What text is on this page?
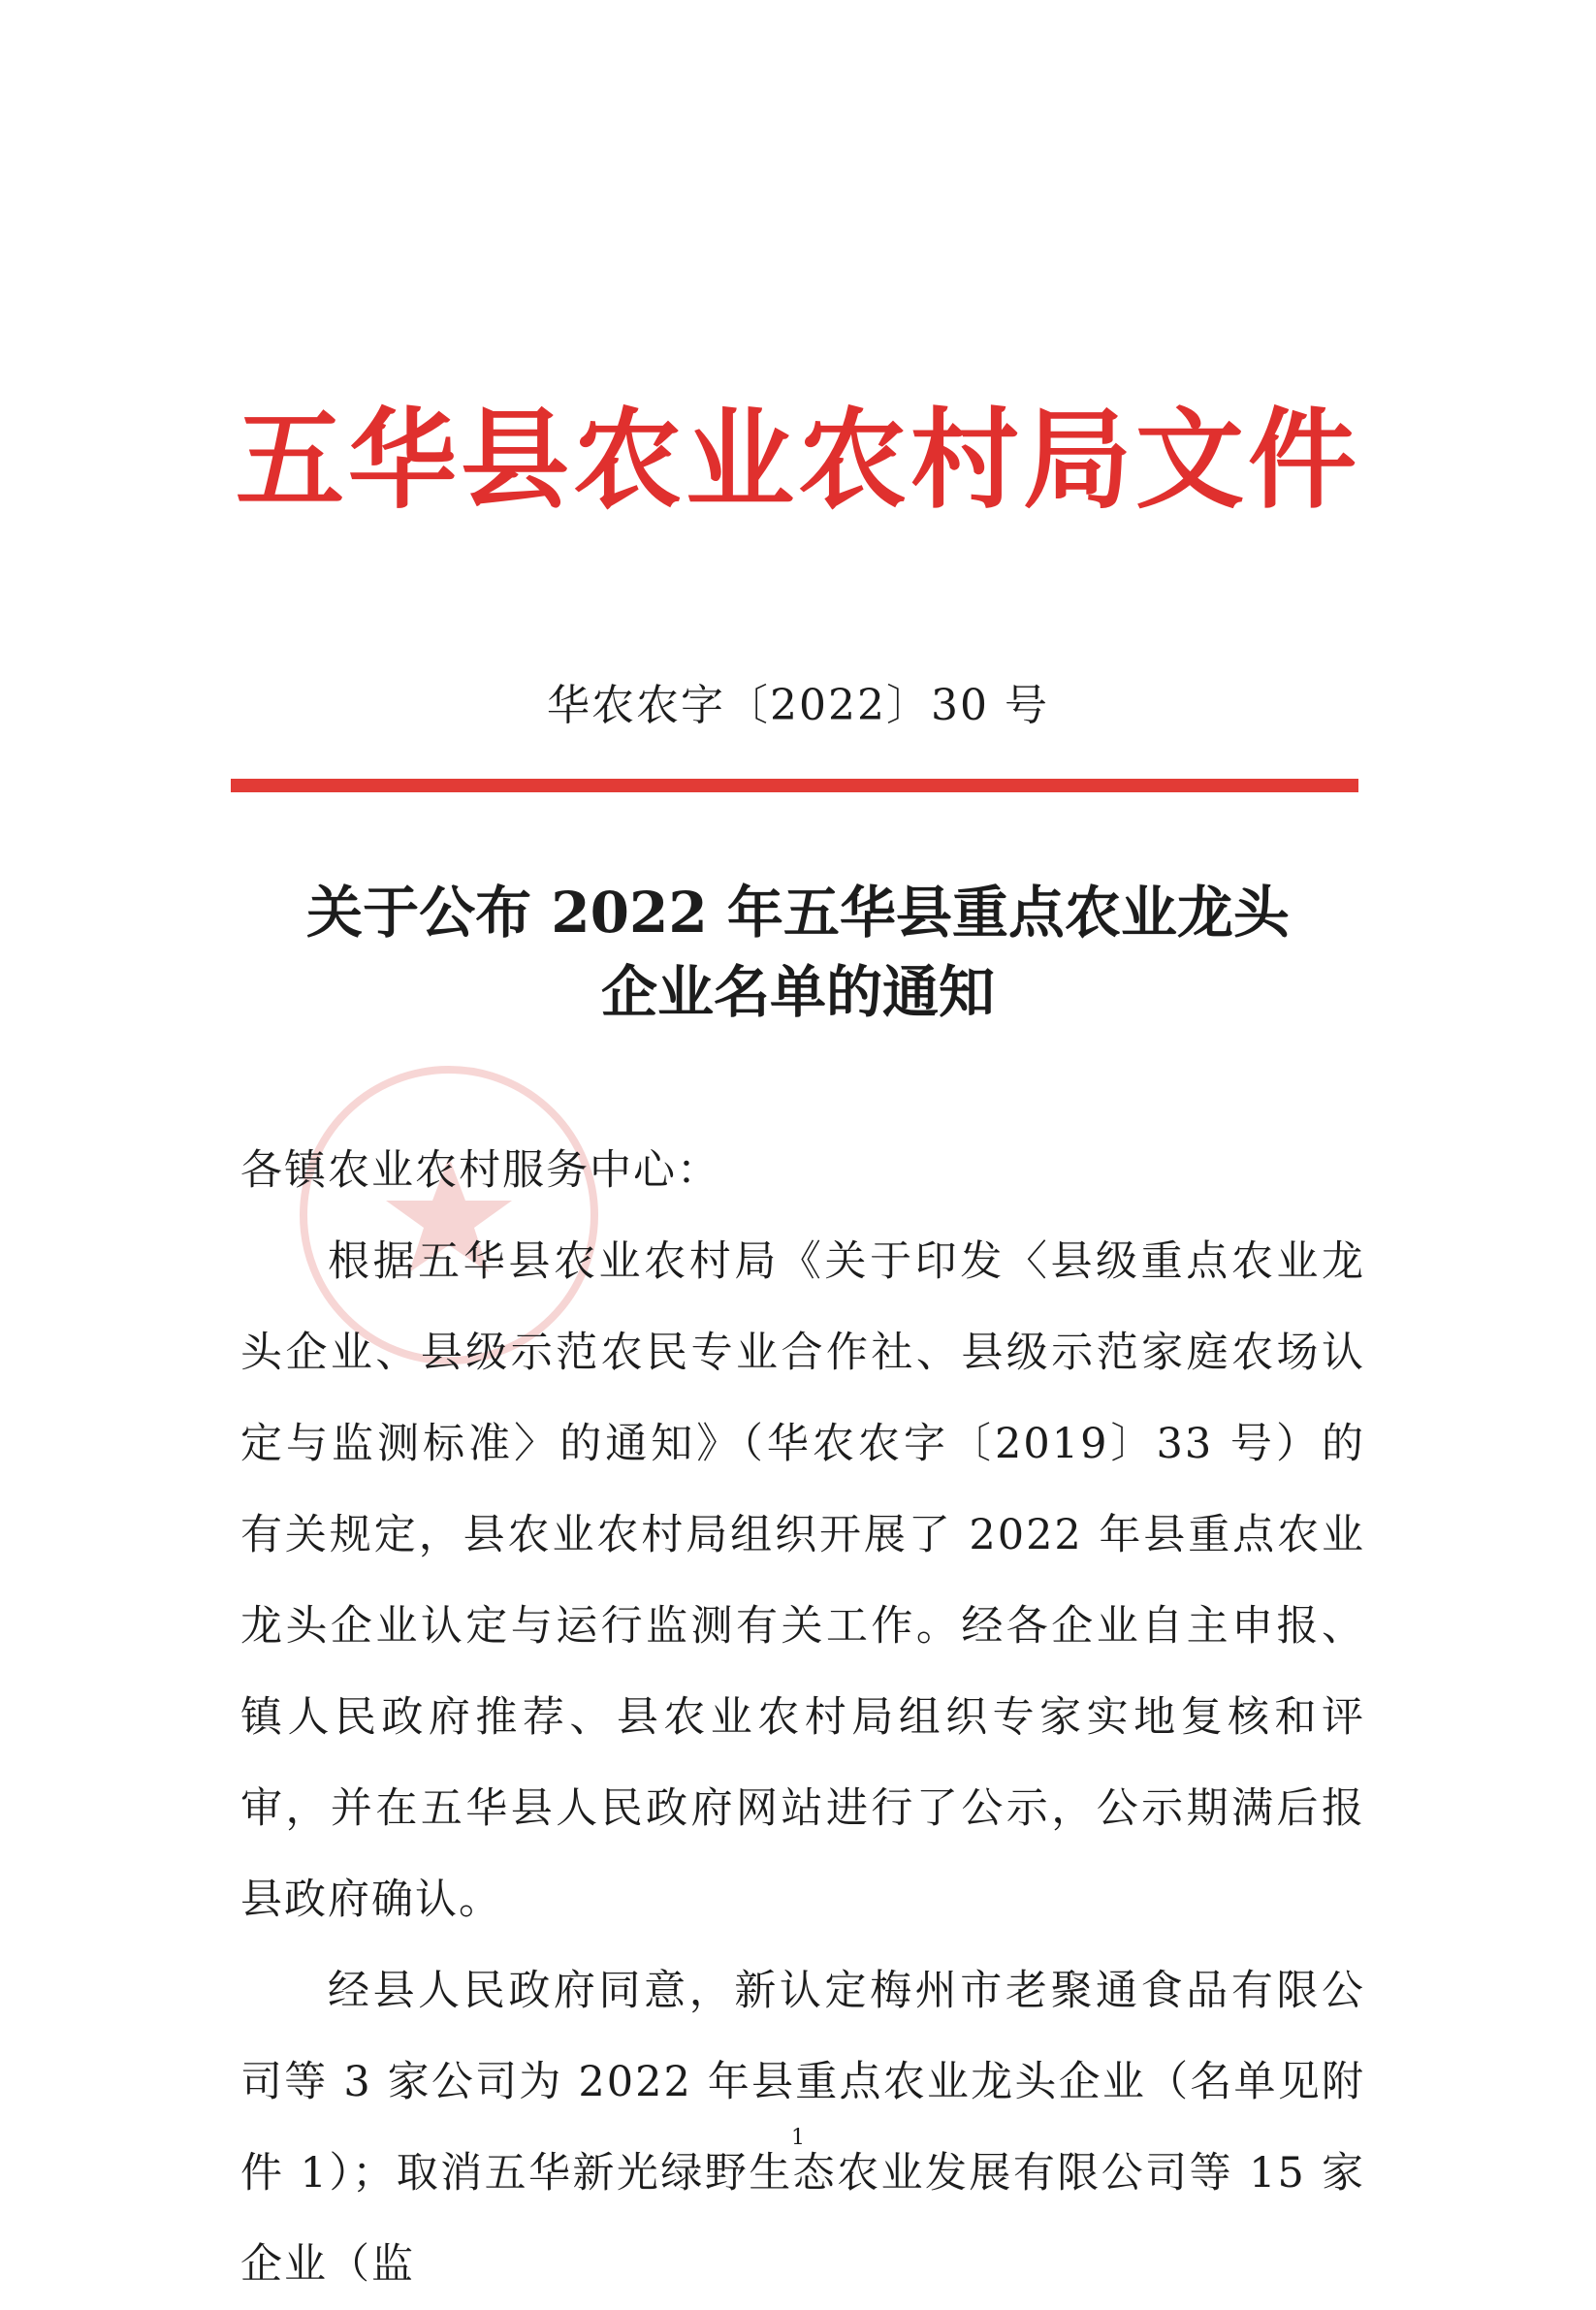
五华县农业农村局文件
华农农字〔2022〕30 号
关于公布 2022 年五华县重点农业龙头
企业名单的通知

各镇农业农村服务中心：

根据五华县农业农村局《关于印发〈县级重点农业龙头企业、县级示范农民专业合作社、县级示范家庭农场认定与监测标准〉的通知》（华农农字〔2019〕33 号）的有关规定，县农业农村局组织开展了 2022 年县重点农业龙头企业认定与运行监测有关工作。经各企业自主申报、镇人民政府推荐、县农业农村局组织专家实地复核和评审，并在五华县人民政府网站进行了公示，公示期满后报县政府确认。

经县人民政府同意，新认定梅州市老聚通食品有限公司等 3 家公司为 2022 年县重点农业龙头企业（名单见附件 1）；取消五华新光绿野生态农业发展有限公司等 15 家企业（监

1
